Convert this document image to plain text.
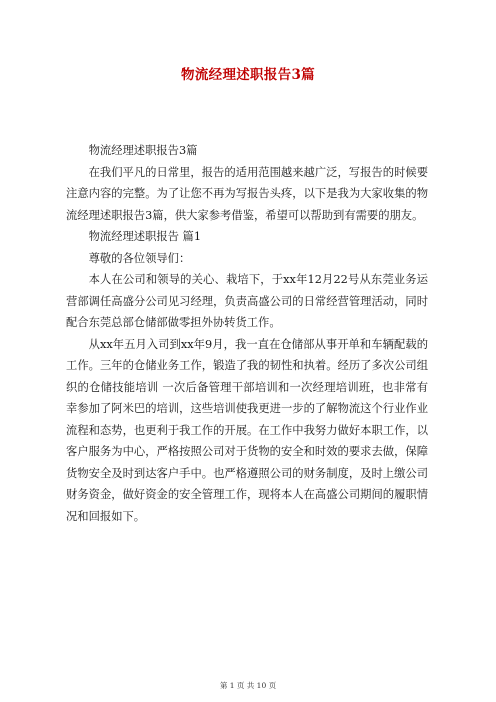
物流经理述职报告3篇

物流经理述职报告3篇

在我们平凡的日常里，报告的适用范围越来越广泛，写报告的时候要注意内容的完整。为了让您不再为写报告头疼，以下是我为大家收集的物流经理述职报告3篇，供大家参考借鉴，希望可以帮助到有需要的朋友。

物流经理述职报告 篇1

尊敬的各位领导们：

本人在公司和领导的关心、栽培下，于xx年12月22号从东莞业务运营部调任高盛分公司见习经理，负责高盛公司的日常经营管理活动，同时配合东莞总部仓储部做零担外协转货工作。

从xx年五月入司到xx年9月，我一直在仓储部从事开单和车辆配载的工作。三年的仓储业务工作，锻造了我的韧性和执着。经历了多次公司组织的仓储技能培训 一次后备管理干部培训和一次经理培训班，也非常有幸参加了阿米巴的培训，这些培训使我更进一步的了解物流这个行业作业流程和态势，也更利于我工作的开展。在工作中我努力做好本职工作，以客户服务为中心，严格按照公司对于货物的安全和时效的要求去做，保障货物安全及时到达客户手中。也严格遵照公司的财务制度，及时上缴公司财务资金，做好资金的安全管理工作，现将本人在高盛公司期间的履职情况和回报如下。

第 1 页 共 10 页
